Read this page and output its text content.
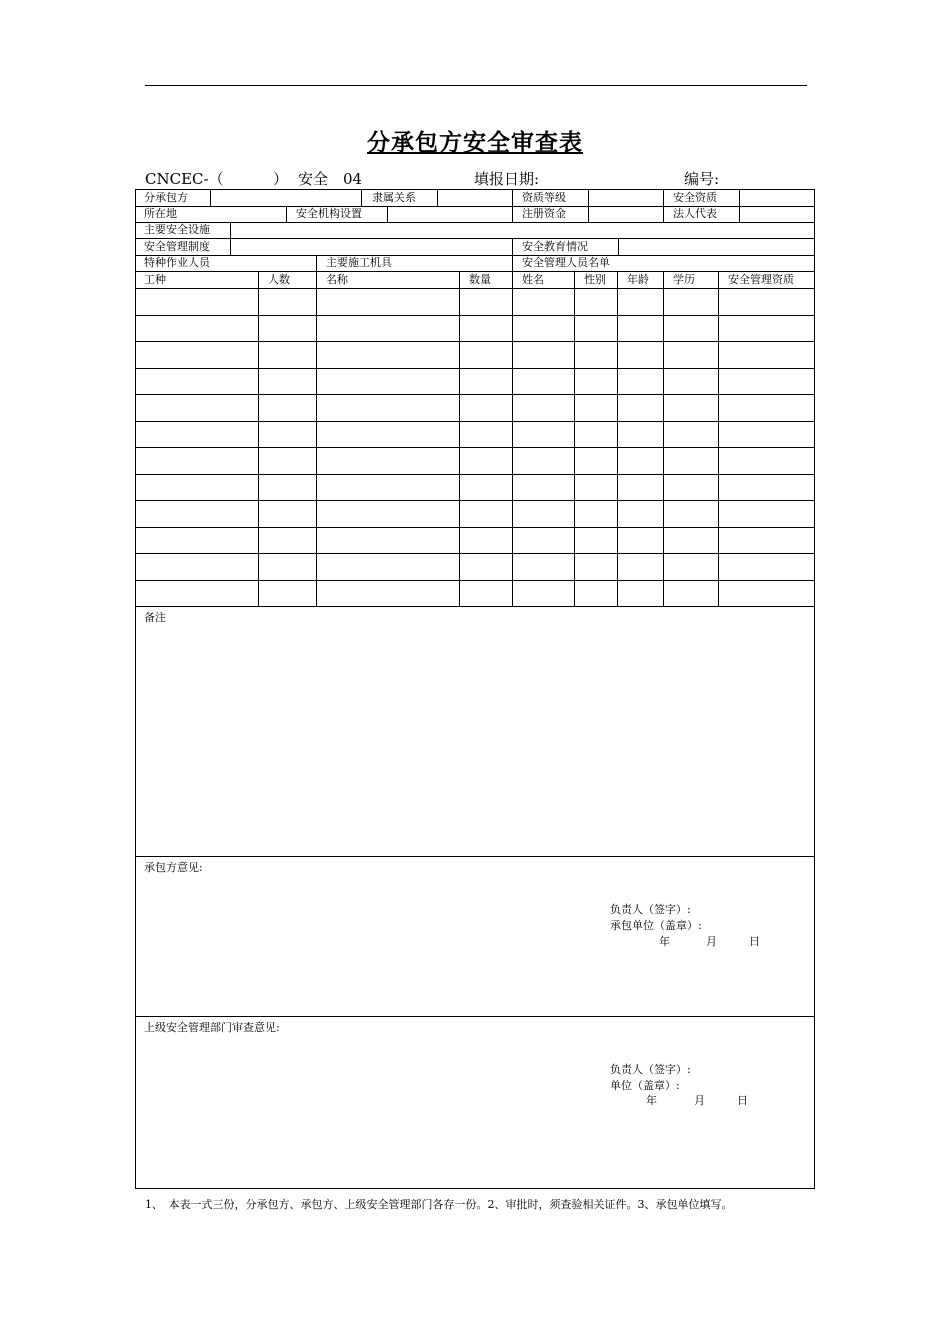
分承包方安全审查表
CNCEC-（	） 安全　04	填报日期:	编号:
分承包方	隶属关系	资质等级	安全资质
所在地	安全机构设置	注册资金	法人代表
主要安全设施
安全管理制度	安全教育情况
特种作业人员	主要施工机具	安全管理人员名单
工种	人数	名称	数量	姓名	性别 年龄 学历	安全管理资质
备注
承包方意见:
负责人（签字）:
承包单位（盖章）:
年	月	日
上级安全管理部门审查意见:
负责人（签字）:
单位（盖章）:
年	月	日
1、　本表一式三份，分承包方、承包方、上级安全管理部门各存一份。2、审批时，须查验相关证件。3、承包单位填写。
